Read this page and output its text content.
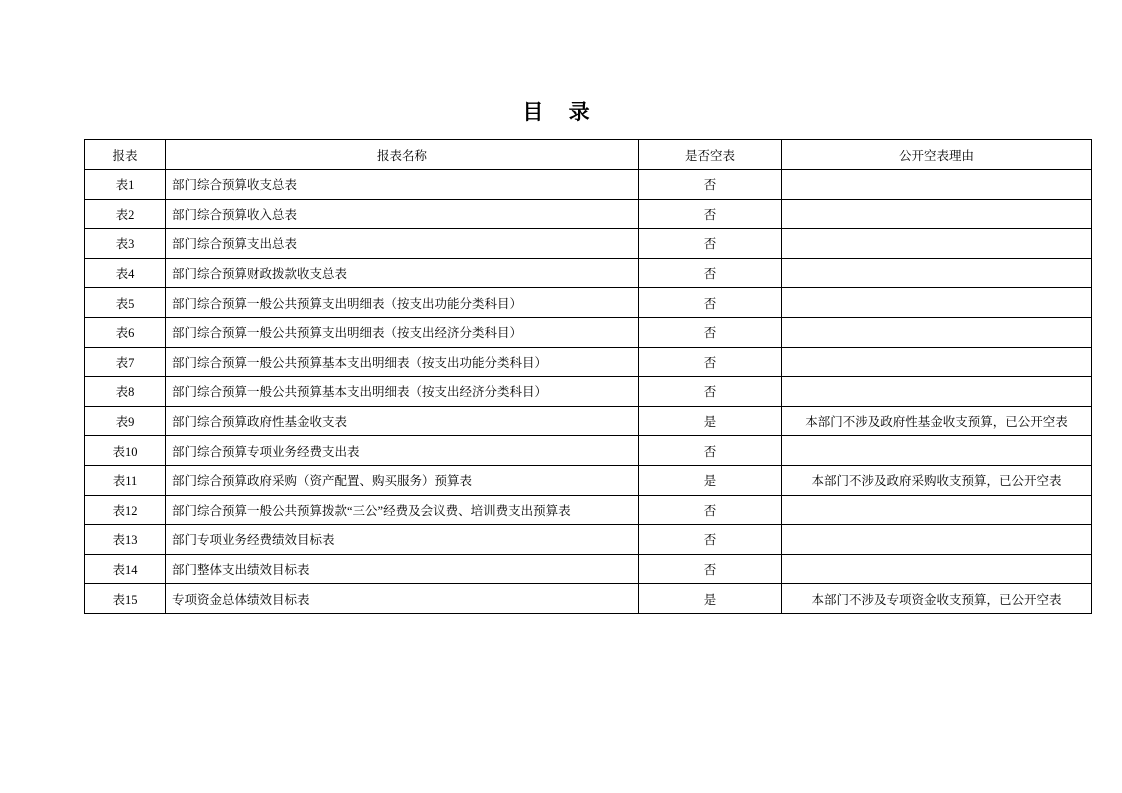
目 录
报表	报表名称	是否空表	公开空表理由
表1	部门综合预算收支总表	否	
表2	部门综合预算收入总表	否	
表3	部门综合预算支出总表	否	
表4	部门综合预算财政拨款收支总表	否	
表5	部门综合预算一般公共预算支出明细表（按支出功能分类科目）	否	
表6	部门综合预算一般公共预算支出明细表（按支出经济分类科目）	否	
表7	部门综合预算一般公共预算基本支出明细表（按支出功能分类科目）	否	
表8	部门综合预算一般公共预算基本支出明细表（按支出经济分类科目）	否	
表9	部门综合预算政府性基金收支表	是	本部门不涉及政府性基金收支预算，已公开空表
表10	部门综合预算专项业务经费支出表	否	
表11	部门综合预算政府采购（资产配置、购买服务）预算表	是	本部门不涉及政府采购收支预算，已公开空表
表12	部门综合预算一般公共预算拨款“三公”经费及会议费、培训费支出预算表	否	
表13	部门专项业务经费绩效目标表	否	
表14	部门整体支出绩效目标表	否	
表15	专项资金总体绩效目标表	是	本部门不涉及专项资金收支预算，已公开空表
